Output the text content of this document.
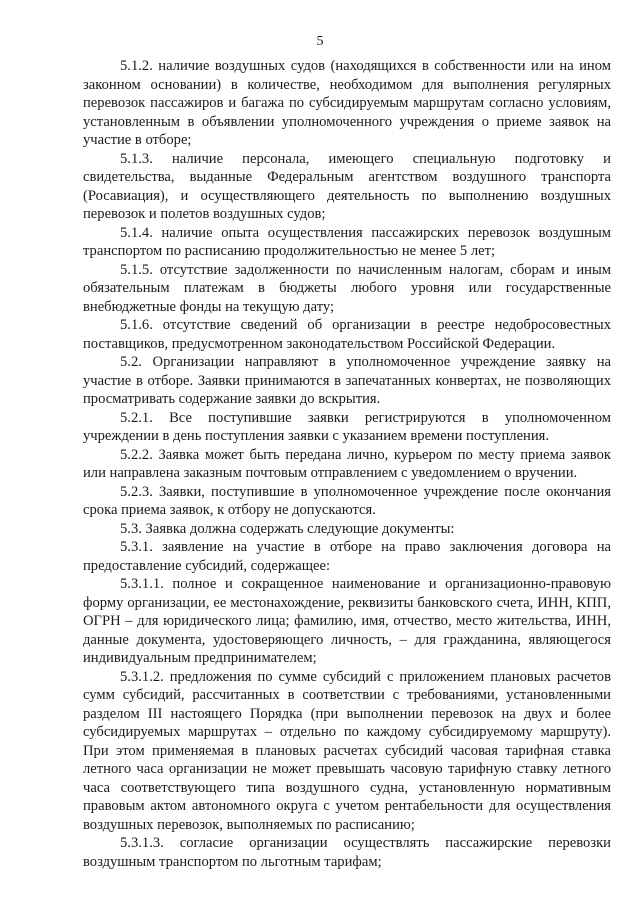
5

5.1.2. наличие воздушных судов (находящихся в собственности или на ином законном основании) в количестве, необходимом для выполнения регулярных перевозок пассажиров и багажа по субсидируемым маршрутам согласно условиям, установленным в объявлении уполномоченного учреждения о приеме заявок на участие в отборе;

5.1.3. наличие персонала, имеющего специальную подготовку и свидетельства, выданные Федеральным агентством воздушного транспорта (Росавиация), и осуществляющего деятельность по выполнению воздушных перевозок и полетов воздушных судов;

5.1.4. наличие опыта осуществления пассажирских перевозок воздушным транспортом по расписанию продолжительностью не менее 5 лет;

5.1.5. отсутствие задолженности по начисленным налогам, сборам и иным обязательным платежам в бюджеты любого уровня или государственные внебюджетные фонды на текущую дату;

5.1.6. отсутствие сведений об организации в реестре недобросовестных поставщиков, предусмотренном законодательством Российской Федерации.

5.2. Организации направляют в уполномоченное учреждение заявку на участие в отборе. Заявки принимаются в запечатанных конвертах, не позволяющих просматривать содержание заявки до вскрытия.

5.2.1. Все поступившие заявки регистрируются в уполномоченном учреждении в день поступления заявки с указанием времени поступления.

5.2.2. Заявка может быть передана лично, курьером по месту приема заявок или направлена заказным почтовым отправлением с уведомлением о вручении.

5.2.3. Заявки, поступившие в уполномоченное учреждение после окончания срока приема заявок, к отбору не допускаются.

5.3. Заявка должна содержать следующие документы:

5.3.1. заявление на участие в отборе на право заключения договора на предоставление субсидий, содержащее:

5.3.1.1. полное и сокращенное наименование и организационно-правовую форму организации, ее местонахождение, реквизиты банковского счета, ИНН, КПП, ОГРН – для юридического лица; фамилию, имя, отчество, место жительства, ИНН, данные документа, удостоверяющего личность, – для гражданина, являющегося индивидуальным предпринимателем;

5.3.1.2. предложения по сумме субсидий с приложением плановых расчетов сумм субсидий, рассчитанных в соответствии с требованиями, установленными разделом III настоящего Порядка (при выполнении перевозок на двух и более субсидируемых маршрутах – отдельно по каждому субсидируемому маршруту). При этом применяемая в плановых расчетах субсидий часовая тарифная ставка летного часа организации не может превышать часовую тарифную ставку летного часа соответствующего типа воздушного судна, установленную нормативным правовым актом автономного округа с учетом рентабельности для осуществления воздушных перевозок, выполняемых по расписанию;

5.3.1.3. согласие организации осуществлять пассажирские перевозки воздушным транспортом по льготным тарифам;
